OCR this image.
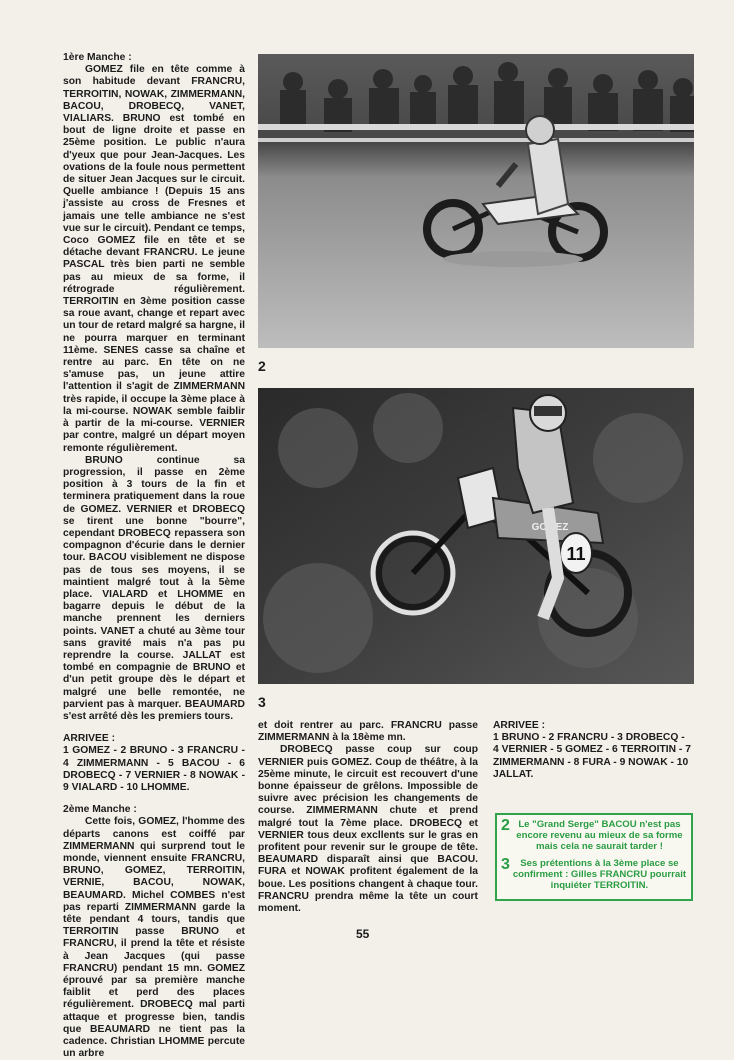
1ère Manche :

GOMEZ file en tête comme à son habitude devant FRANCRU, TERROITIN, NOWAK, ZIMMERMANN, BACOU, DROBECQ, VANET, VIALIARS. BRUNO est tombé en bout de ligne droite et passe en 25ème position. Le public n'aura d'yeux que pour Jean-Jacques. Les ovations de la foule nous permettent de situer Jean Jacques sur le circuit. Quelle ambiance ! (Depuis 15 ans j'assiste au cross de Fresnes et jamais une telle ambiance ne s'est vue sur le circuit). Pendant ce temps, Coco GOMEZ file en tête et se détache devant FRANCRU. Le jeune PASCAL très bien parti ne semble pas au mieux de sa forme, il rétrograde régulièrement. TERROITIN en 3ème position casse sa roue avant, change et repart avec un tour de retard malgré sa hargne, il ne pourra marquer en terminant 11ème. SENES casse sa chaîne et rentre au parc. En tête on ne s'amuse pas, un jeune attire l'attention il s'agit de ZIMMERMANN très rapide, il occupe la 3ème place à la mi-course. NOWAK semble faiblir à partir de la mi-course. VERNIER par contre, malgré un départ moyen remonte régulièrement.

BRUNO continue sa progression, il passe en 2ème position à 3 tours de la fin et terminera pratiquement dans la roue de GOMEZ. VERNIER et DROBECQ se tirent une bonne "bourre", cependant DROBECQ repassera son compagnon d'écurie dans le dernier tour. BACOU visiblement ne dispose pas de tous ses moyens, il se maintient malgré tout à la 5ème place. VIALARD et LHOMME en bagarre depuis le début de la manche prennent les derniers points. VANET a chuté au 3ème tour sans gravité mais n'a pas pu reprendre la course. JALLAT est tombé en compagnie de BRUNO et d'un petit groupe dès le départ et malgré une belle remontée, ne parvient pas à marquer. BEAUMARD s'est arrêté dès les premiers tours.

ARRIVEE :

1 GOMEZ - 2 BRUNO - 3 FRANCRU - 4 ZIMMERMANN - 5 BACOU - 6 DROBECQ - 7 VERNIER - 8 NOWAK - 9 VIALARD - 10 LHOMME.

2ème Manche :

Cette fois, GOMEZ, l'homme des départs canons est coiffé par ZIMMERMANN qui surprend tout le monde, viennent ensuite FRANCRU, BRUNO, GOMEZ, TERROITIN, VERNIE, BACOU, NOWAK, BEAUMARD. Michel COMBES n'est pas reparti ZIMMERMANN garde la tête pendant 4 tours, tandis que TERROITIN passe BRUNO et FRANCRU, il prend la tête et résiste à Jean Jacques (qui passe FRANCRU) pendant 15 mn. GOMEZ éprouvé par sa première manche faiblit et perd des places régulièrement. DROBECQ mal parti attaque et progresse bien, tandis que BEAUMARD ne tient pas la cadence. Christian LHOMME percute un arbre

2
11
GOMEZ
3

et doit rentrer au parc. FRANCRU passe ZIMMERMANN à la 18ème mn.

DROBECQ passe coup sur coup VERNIER puis GOMEZ. Coup de théâtre, à la 25ème minute, le circuit est recouvert d'une bonne épaisseur de grêlons. Impossible de suivre avec précision les changements de course. ZIMMERMANN chute et prend malgré tout la 7ème place. DROBECQ et VERNIER tous deux excllents sur le gras en profitent pour revenir sur le groupe de tête. BEAUMARD disparaît ainsi que BACOU. FURA et NOWAK profitent également de la boue. Les positions changent à chaque tour. FRANCRU prendra même la tête un court moment.

ARRIVEE :

1 BRUNO - 2 FRANCRU - 3 DROBECQ - 4 VERNIER - 5 GOMEZ - 6 TERROITIN - 7 ZIMMERMANN - 8 FURA - 9 NOWAK - 10 JALLAT.

2 Le "Grand Serge" BACOU n'est pas encore revenu au mieux de sa forme mais cela ne saurait tarder !
3	Ses prétentions à la 3ème place se confirment : Gilles FRANCRU pourrait inquiéter TERROITIN.
55
